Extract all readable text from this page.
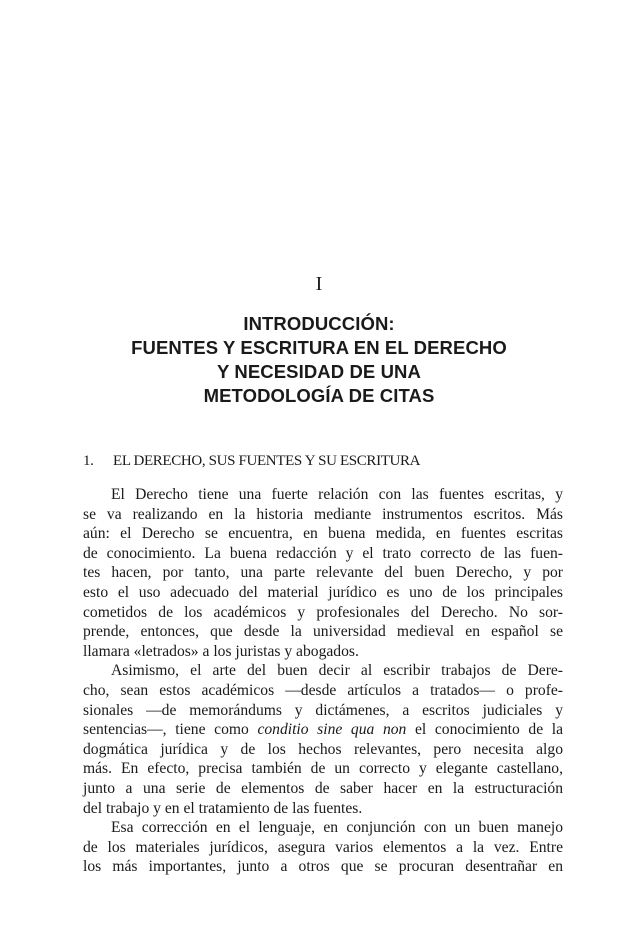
I
INTRODUCCIÓN:
FUENTES Y ESCRITURA EN EL DERECHO
Y NECESIDAD DE UNA
METODOLOGÍA DE CITAS
1. EL DERECHO, SUS FUENTES Y SU ESCRITURA

El Derecho tiene una fuerte relación con las fuentes escritas, y
se va realizando en la historia mediante instrumentos escritos. Más
aún: el Derecho se encuentra, en buena medida, en fuentes escritas
de conocimiento. La buena redacción y el trato correcto de las fuen-
tes hacen, por tanto, una parte relevante del buen Derecho, y por
esto el uso adecuado del material jurídico es uno de los principales
cometidos de los académicos y profesionales del Derecho. No sor-
prende, entonces, que desde la universidad medieval en español se
llamara «letrados» a los juristas y abogados.

Asimismo, el arte del buen decir al escribir trabajos de Dere-
cho, sean estos académicos —desde artículos a tratados— o profe-
sionales —de memorándums y dictámenes, a escritos judiciales y
sentencias—, tiene como conditio sine qua non el conocimiento de la
dogmática jurídica y de los hechos relevantes, pero necesita algo
más. En efecto, precisa también de un correcto y elegante castellano,
junto a una serie de elementos de saber hacer en la estructuración
del trabajo y en el tratamiento de las fuentes.

Esa corrección en el lenguaje, en conjunción con un buen manejo
de los materiales jurídicos, asegura varios elementos a la vez. Entre
los más importantes, junto a otros que se procuran desentrañar en
